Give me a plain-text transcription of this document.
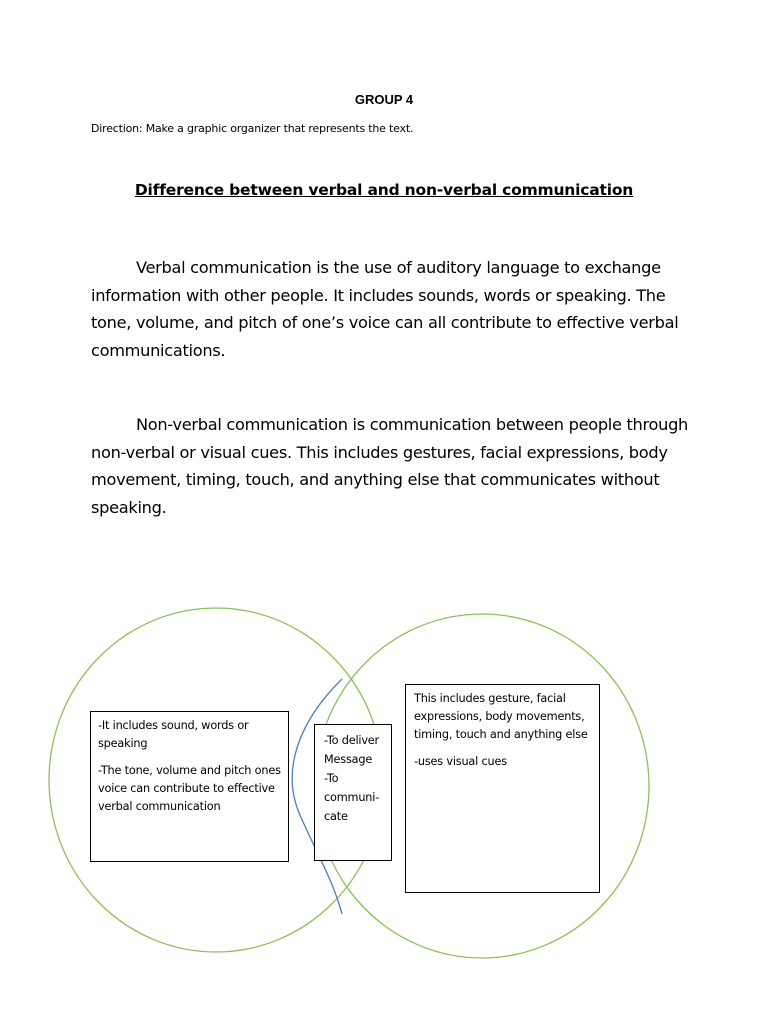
GROUP 4
Direction: Make a graphic organizer that represents the text.
Difference between verbal and non-verbal communication
Verbal communication is the use of auditory language to exchange information with other people. It includes sounds, words or speaking. The tone, volume, and pitch of one’s voice can all contribute to effective verbal communications.
Non-verbal communication is communication between people through non-verbal or visual cues. This includes gestures, facial expressions, body movement, timing, touch, and anything else that communicates without speaking.

-It includes sound, words or speaking

-The tone, volume and pitch ones voice can contribute to effective verbal communication

-To deliver Message

-To communi-cate

This includes gesture, facial expressions, body movements, timing, touch and anything else

-uses visual cues
